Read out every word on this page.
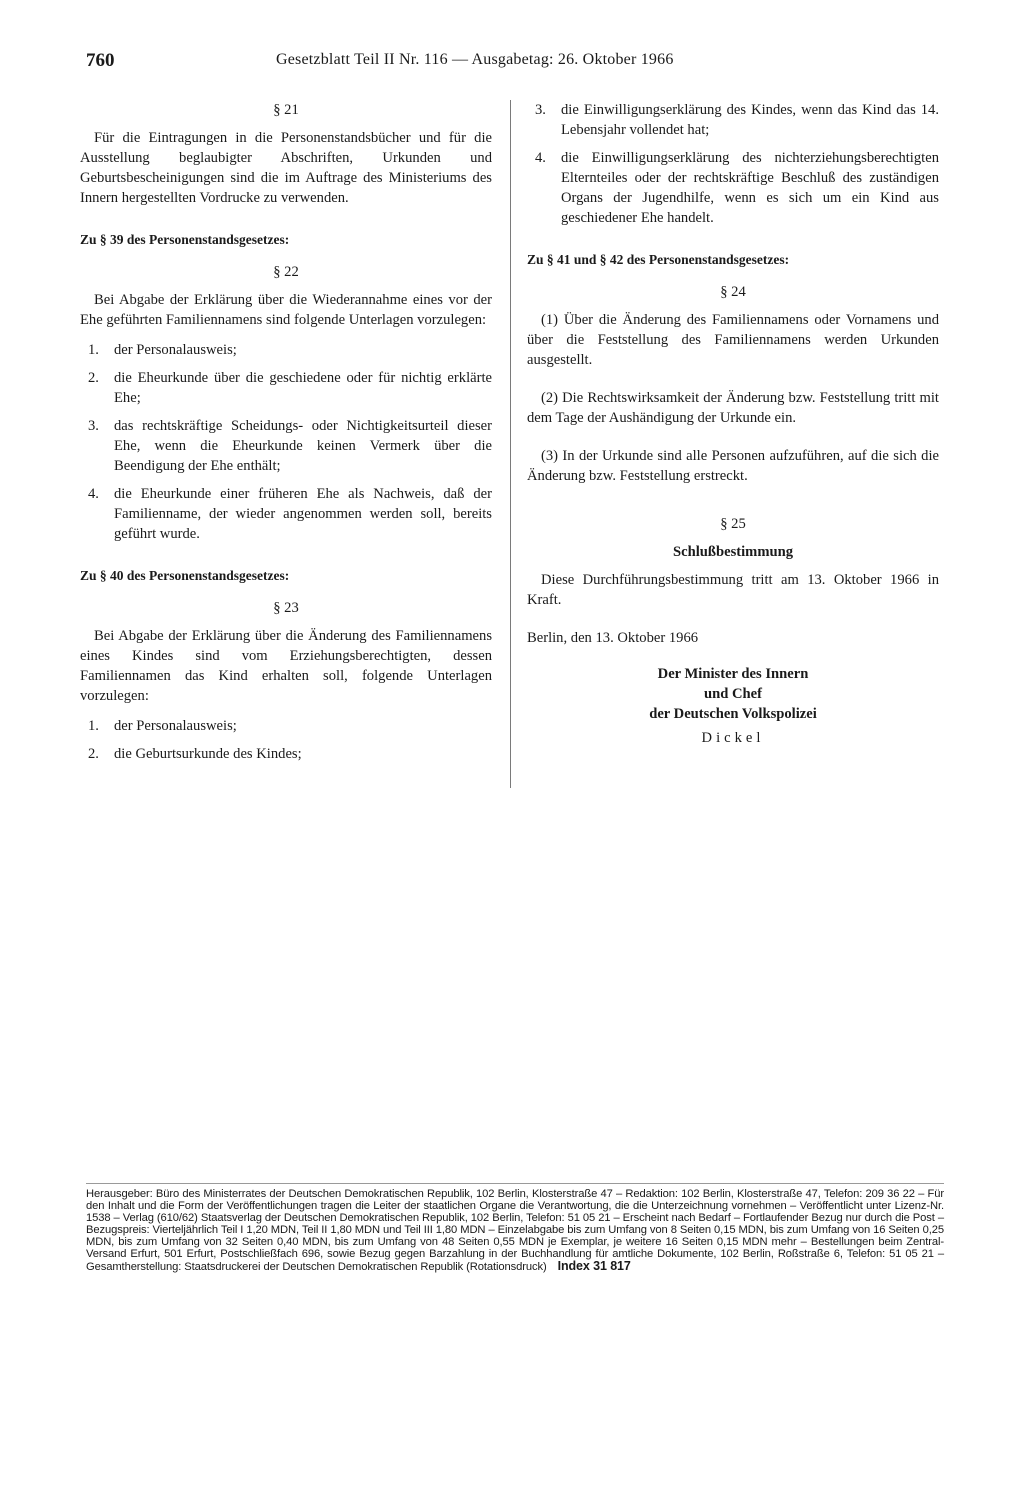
760	Gesetzblatt Teil II Nr. 116 — Ausgabetag: 26. Oktober 1966

§ 21

Für die Eintragungen in die Personenstandsbücher und für die Ausstellung beglaubigter Abschriften, Urkunden und Geburtsbescheinigungen sind die im Auftrage des Ministeriums des Innern hergestellten Vordrucke zu verwenden.

Zu § 39 des Personenstandsgesetzes:

§ 22

Bei Abgabe der Erklärung über die Wiederannahme eines vor der Ehe geführten Familiennamens sind folgende Unterlagen vorzulegen:

1.	der Personalausweis;
2.	die Eheurkunde über die geschiedene oder für nichtig erklärte Ehe;
3.	das rechtskräftige Scheidungs- oder Nichtigkeitsurteil dieser Ehe, wenn die Eheurkunde keinen Vermerk über die Beendigung der Ehe enthält;
4.	die Eheurkunde einer früheren Ehe als Nachweis, daß der Familienname, der wieder angenommen werden soll, bereits geführt wurde.

Zu § 40 des Personenstandsgesetzes:

§ 23

Bei Abgabe der Erklärung über die Änderung des Familiennamens eines Kindes sind vom Erziehungsberechtigten, dessen Familiennamen das Kind erhalten soll, folgende Unterlagen vorzulegen:

1.	der Personalausweis;
2.	die Geburtsurkunde des Kindes;
3.	die Einwilligungserklärung des Kindes, wenn das Kind das 14. Lebensjahr vollendet hat;
4.	die Einwilligungserklärung des nichterziehungsberechtigten Elternteiles oder der rechtskräftige Beschluß des zuständigen Organs der Jugendhilfe, wenn es sich um ein Kind aus geschiedener Ehe handelt.

Zu § 41 und § 42 des Personenstandsgesetzes:

§ 24

(1) Über die Änderung des Familiennamens oder Vornamens und über die Feststellung des Familiennamens werden Urkunden ausgestellt.

(2) Die Rechtswirksamkeit der Änderung bzw. Feststellung tritt mit dem Tage der Aushändigung der Urkunde ein.

(3) In der Urkunde sind alle Personen aufzuführen, auf die sich die Änderung bzw. Feststellung erstreckt.

§ 25

Schlußbestimmung

Diese Durchführungsbestimmung tritt am 13. Oktober 1966 in Kraft.

Berlin, den 13. Oktober 1966

Der Minister des Innern

und Chef

der Deutschen Volkspolizei

Dickel

Herausgeber: Büro des Ministerrates der Deutschen Demokratischen Republik, 102 Berlin, Klosterstraße 47 – Redaktion: 102 Berlin, Klosterstraße 47, Telefon: 209 36 22 – Für den Inhalt und die Form der Veröffentlichungen tragen die Leiter der staatlichen Organe die Verantwortung, die die Unterzeichnung vornehmen – Veröffentlicht unter Lizenz-Nr. 1538 – Verlag (610/62) Staatsverlag der Deutschen Demokratischen Republik, 102 Berlin, Telefon: 51 05 21 – Erscheint nach Bedarf – Fortlaufender Bezug nur durch die Post – Bezugspreis: Vierteljährlich Teil I 1,20 MDN, Teil II 1,80 MDN und Teil III 1,80 MDN – Einzelabgabe bis zum Umfang von 8 Seiten 0,15 MDN, bis zum Umfang von 16 Seiten 0,25 MDN, bis zum Umfang von 32 Seiten 0,40 MDN, bis zum Umfang von 48 Seiten 0,55 MDN je Exemplar, je weitere 16 Seiten 0,15 MDN mehr – Bestellungen beim Zentral-Versand Erfurt, 501 Erfurt, Postschließfach 696, sowie Bezug gegen Barzahlung in der Buchhandlung für amtliche Dokumente, 102 Berlin, Roßstraße 6, Telefon: 51 05 21 – Gesamtherstellung: Staatsdruckerei der Deutschen Demokratischen Republik (Rotationsdruck) Index 31 817
